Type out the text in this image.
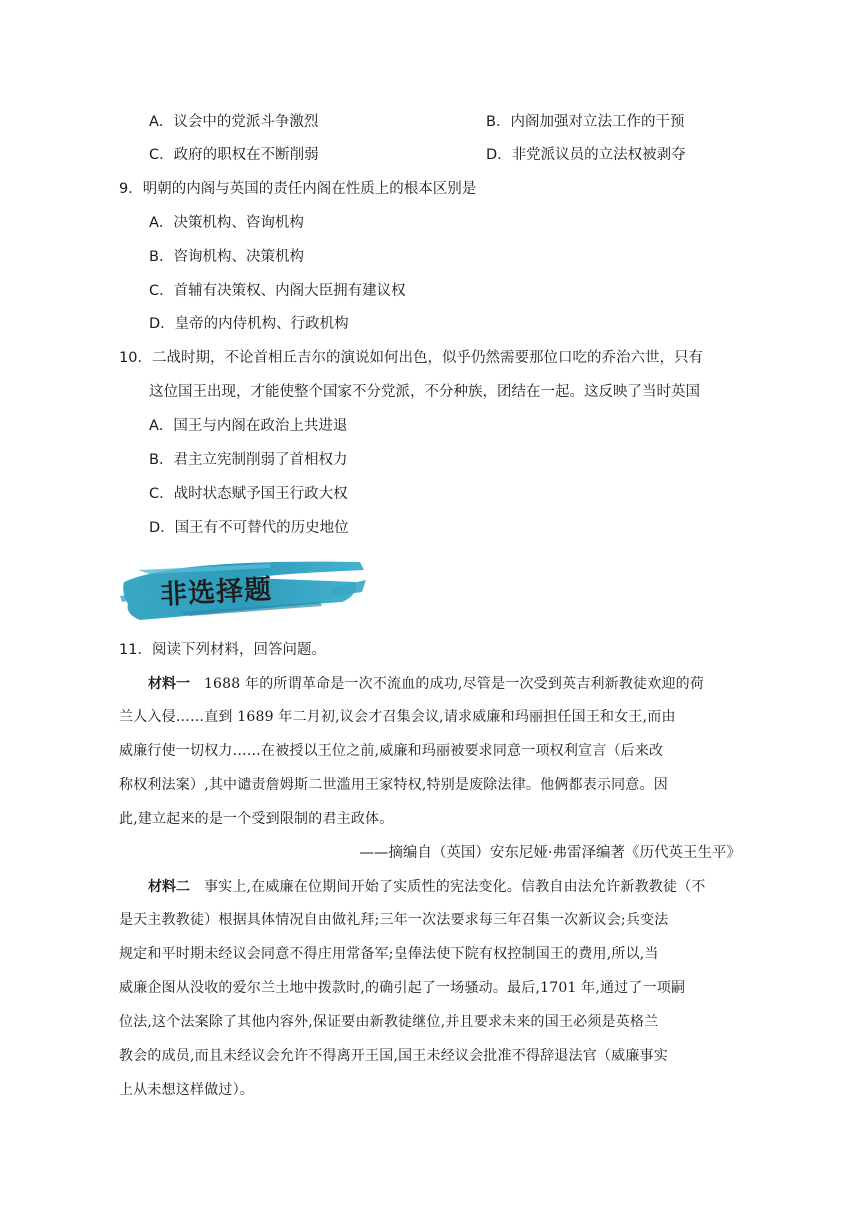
A．议会中的党派斗争激烈	B．内阁加强对立法工作的干预
C．政府的职权在不断削弱	D．非党派议员的立法权被剥夺
9．明朝的内阁与英国的责任内阁在性质上的根本区别是
A．决策机构、咨询机构
B．咨询机构、决策机构
C．首辅有决策权、内阁大臣拥有建议权
D．皇帝的内侍机构、行政机构
10．二战时期，不论首相丘吉尔的演说如何出色，似乎仍然需要那位口吃的乔治六世，只有
这位国王出现，才能使整个国家不分党派，不分种族，团结在一起。这反映了当时英国
A．国王与内阁在政治上共进退
B．君主立宪制削弱了首相权力
C．战时状态赋予国王行政大权
D．国王有不可替代的历史地位
非选择题
11．阅读下列材料，回答问题。
材料一 1688 年的所谓革命是一次不流血的成功,尽管是一次受到英吉利新教徒欢迎的荷
兰人入侵……直到 1689 年二月初,议会才召集会议,请求威廉和玛丽担任国王和女王,而由
威廉行使一切权力……在被授以王位之前,威廉和玛丽被要求同意一项权利宣言（后来改
称权利法案）,其中谴责詹姆斯二世滥用王家特权,特别是废除法律。他俩都表示同意。因
此,建立起来的是一个受到限制的君主政体。
——摘编自（英国）安东尼娅·弗雷泽编著《历代英王生平》
材料二 事实上,在威廉在位期间开始了实质性的宪法变化。信教自由法允许新教教徒（不
是天主教教徒）根据具体情况自由做礼拜;三年一次法要求每三年召集一次新议会;兵变法
规定和平时期未经议会同意不得庄用常备军;皇俸法使下院有权控制国王的费用,所以,当
威廉企图从没收的爱尔兰土地中拨款时,的确引起了一场骚动。最后,1701 年,通过了一项嗣
位法,这个法案除了其他内容外,保证要由新教徒继位,并且要求未来的国王必须是英格兰
教会的成员,而且未经议会允许不得离开王国,国王未经议会批准不得辞退法官（威廉事实
上从未想这样做过）。
